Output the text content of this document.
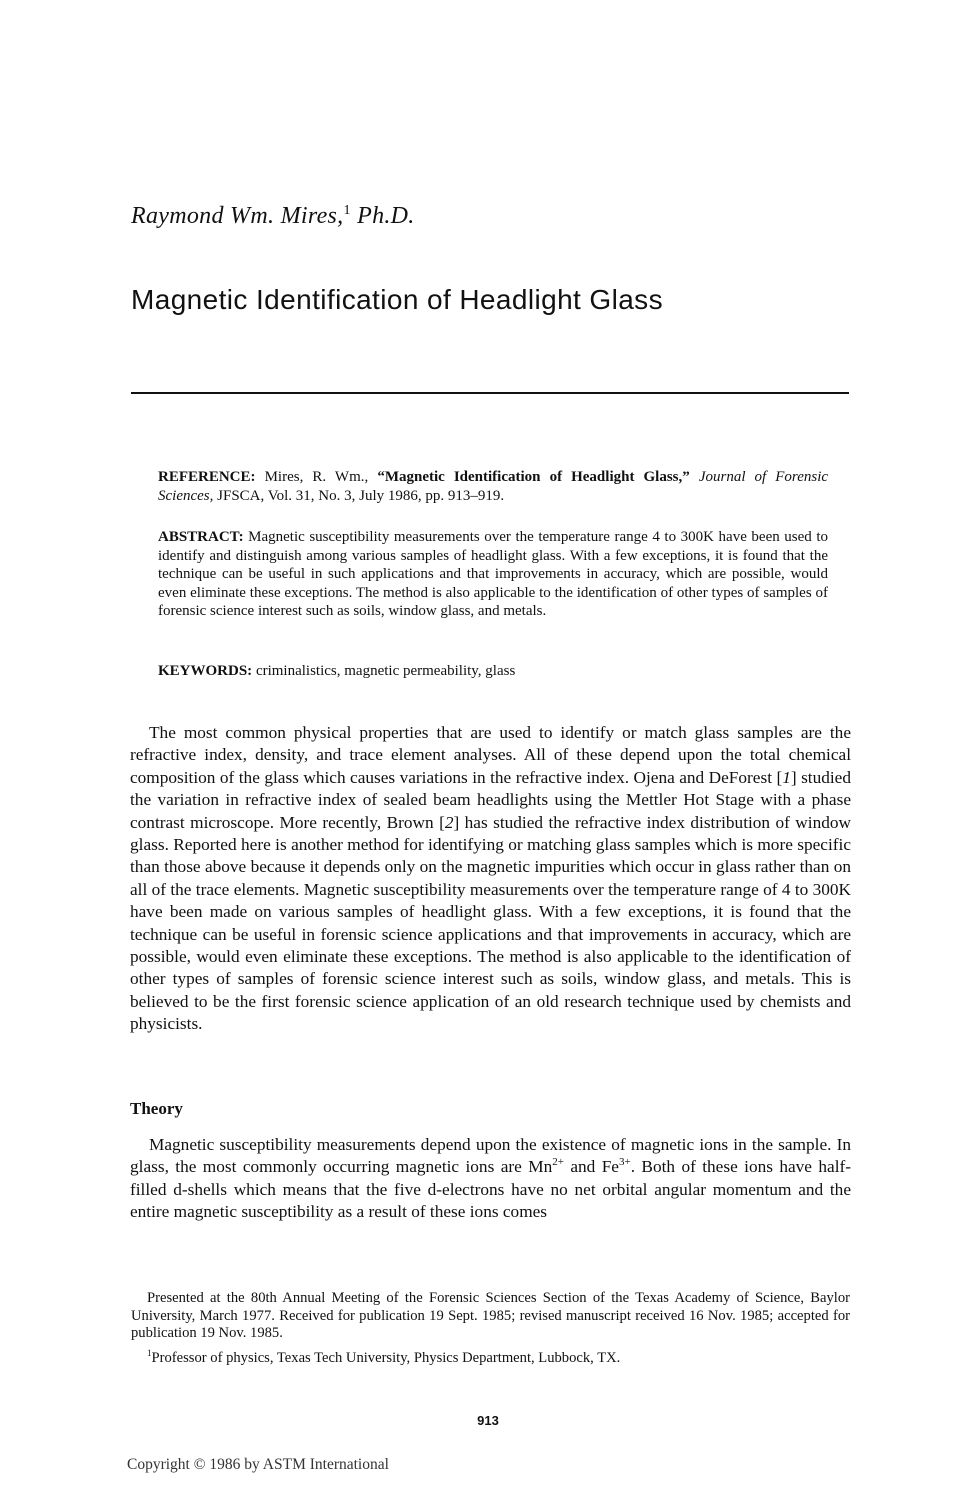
Raymond Wm. Mires,$^1$ Ph.D.
Magnetic Identification of Headlight Glass
REFERENCE: Mires, R. Wm., “Magnetic Identification of Headlight Glass,” Journal of Forensic Sciences, JFSCA, Vol. 31, No. 3, July 1986, pp. 913–919.
ABSTRACT: Magnetic susceptibility measurements over the temperature range 4 to 300K have been used to identify and distinguish among various samples of headlight glass. With a few exceptions, it is found that the technique can be useful in such applications and that improvements in accuracy, which are possible, would even eliminate these exceptions. The method is also applicable to the identification of other types of samples of forensic science interest such as soils, window glass, and metals.
KEYWORDS: criminalistics, magnetic permeability, glass

The most common physical properties that are used to identify or match glass samples are the refractive index, density, and trace element analyses. All of these depend upon the total chemical composition of the glass which causes variations in the refractive index. Ojena and DeForest [1] studied the variation in refractive index of sealed beam headlights using the Mettler Hot Stage with a phase contrast microscope. More recently, Brown [2] has studied the refractive index distribution of window glass. Reported here is another method for identifying or matching glass samples which is more specific than those above because it depends only on the magnetic impurities which occur in glass rather than on all of the trace elements. Magnetic susceptibility measurements over the temperature range of 4 to 300K have been made on various samples of headlight glass. With a few exceptions, it is found that the technique can be useful in forensic science applications and that improvements in accuracy, which are possible, would even eliminate these exceptions. The method is also applicable to the identification of other types of samples of forensic science interest such as soils, window glass, and metals. This is believed to be the first forensic science application of an old research technique used by chemists and physicists.

Theory

Magnetic susceptibility measurements depend upon the existence of magnetic ions in the sample. In glass, the most commonly occurring magnetic ions are $Mn^{2+}$ and $Fe^{3+}$. Both of these ions have half-filled d-shells which means that the five d-electrons have no net orbital angular momentum and the entire magnetic susceptibility as a result of these ions comes

Presented at the 80th Annual Meeting of the Forensic Sciences Section of the Texas Academy of Science, Baylor University, March 1977. Received for publication 19 Sept. 1985; revised manuscript received 16 Nov. 1985; accepted for publication 19 Nov. 1985.

$^1$Professor of physics, Texas Tech University, Physics Department, Lubbock, TX.

913
Copyright © 1986 by ASTM International
